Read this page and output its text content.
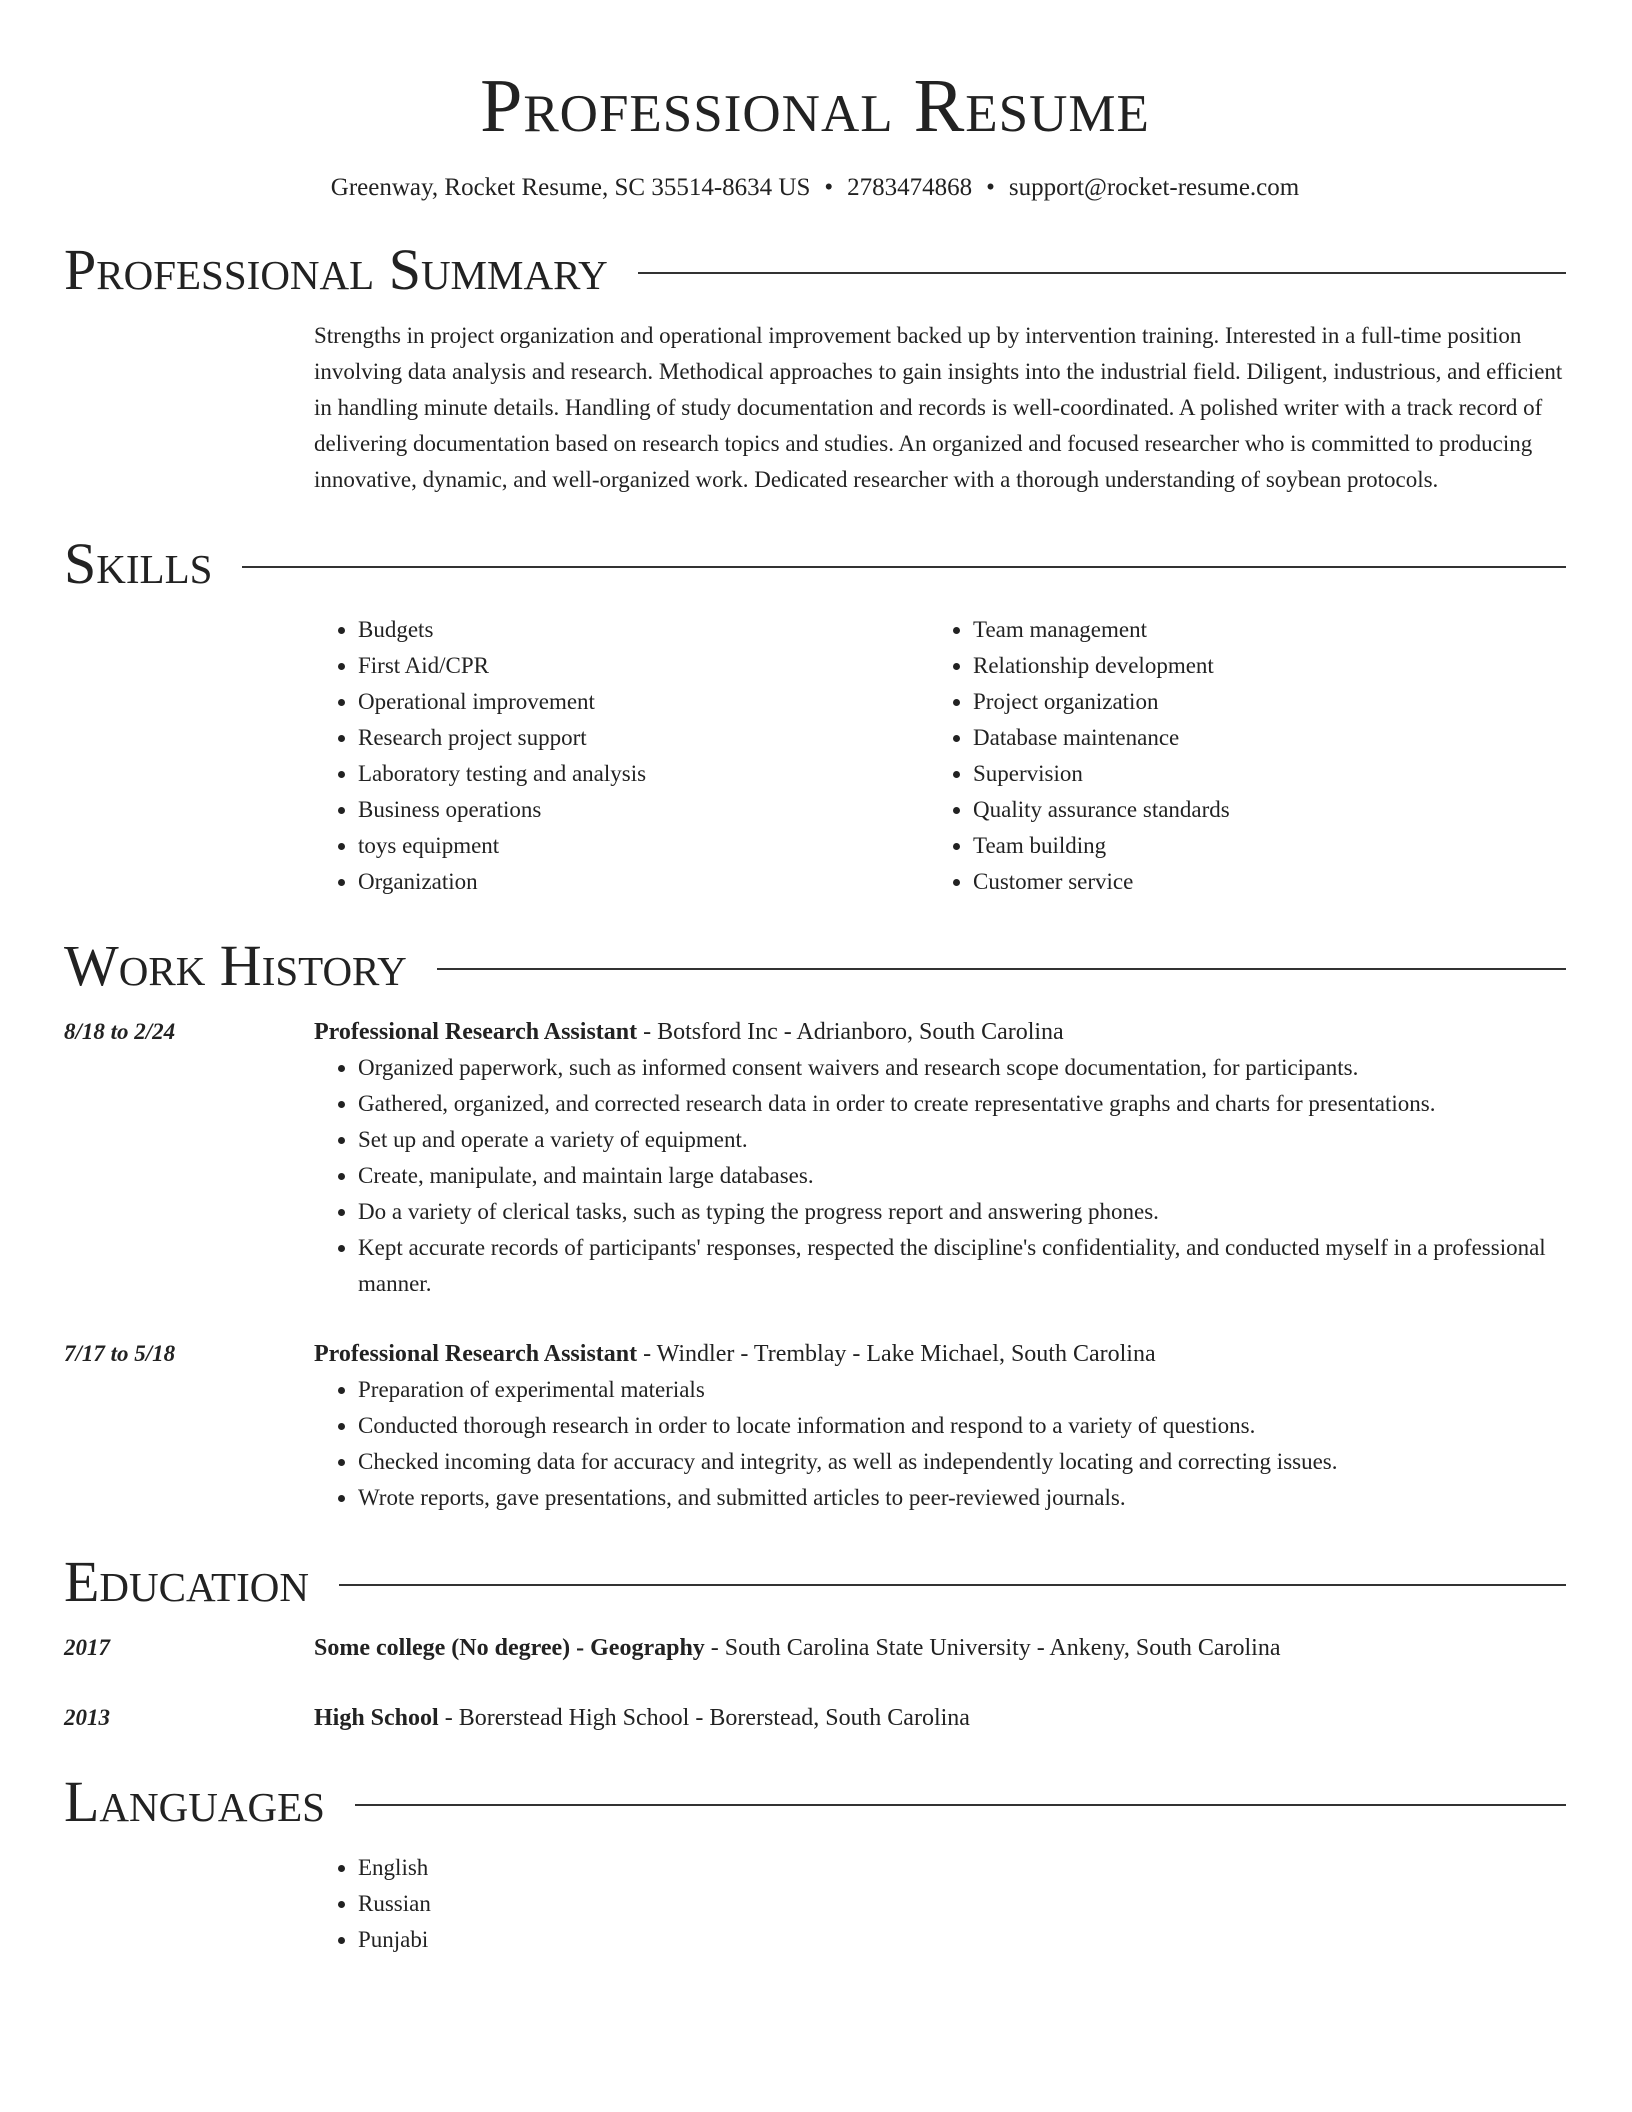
Professional Resume
Greenway, Rocket Resume, SC 35514-8634 US • 2783474868 • support@rocket-resume.com
Professional Summary
Strengths in project organization and operational improvement backed up by intervention training. Interested in a full-time position involving data analysis and research. Methodical approaches to gain insights into the industrial field. Diligent, industrious, and efficient in handling minute details. Handling of study documentation and records is well-coordinated. A polished writer with a track record of delivering documentation based on research topics and studies. An organized and focused researcher who is committed to producing innovative, dynamic, and well-organized work. Dedicated researcher with a thorough understanding of soybean protocols.
Skills
• Budgets
• First Aid/CPR
• Operational improvement
• Research project support
• Laboratory testing and analysis
• Business operations
• toys equipment
• Organization
• Team management
• Relationship development
• Project organization
• Database maintenance
• Supervision
• Quality assurance standards
• Team building
• Customer service
Work History
8/18 to 2/24	Professional Research Assistant - Botsford Inc - Adrianboro, South Carolina
• Organized paperwork, such as informed consent waivers and research scope documentation, for participants.
• Gathered, organized, and corrected research data in order to create representative graphs and charts for presentations.
• Set up and operate a variety of equipment.
• Create, manipulate, and maintain large databases.
• Do a variety of clerical tasks, such as typing the progress report and answering phones.
• Kept accurate records of participants' responses, respected the discipline's confidentiality, and conducted myself in a professional manner.
7/17 to 5/18	Professional Research Assistant - Windler - Tremblay - Lake Michael, South Carolina
• Preparation of experimental materials
• Conducted thorough research in order to locate information and respond to a variety of questions.
• Checked incoming data for accuracy and integrity, as well as independently locating and correcting issues.
• Wrote reports, gave presentations, and submitted articles to peer-reviewed journals.
Education
2017	Some college (No degree) - Geography - South Carolina State University - Ankeny, South Carolina
2013	High School - Borerstead High School - Borerstead, South Carolina
Languages
• English
• Russian
• Punjabi
